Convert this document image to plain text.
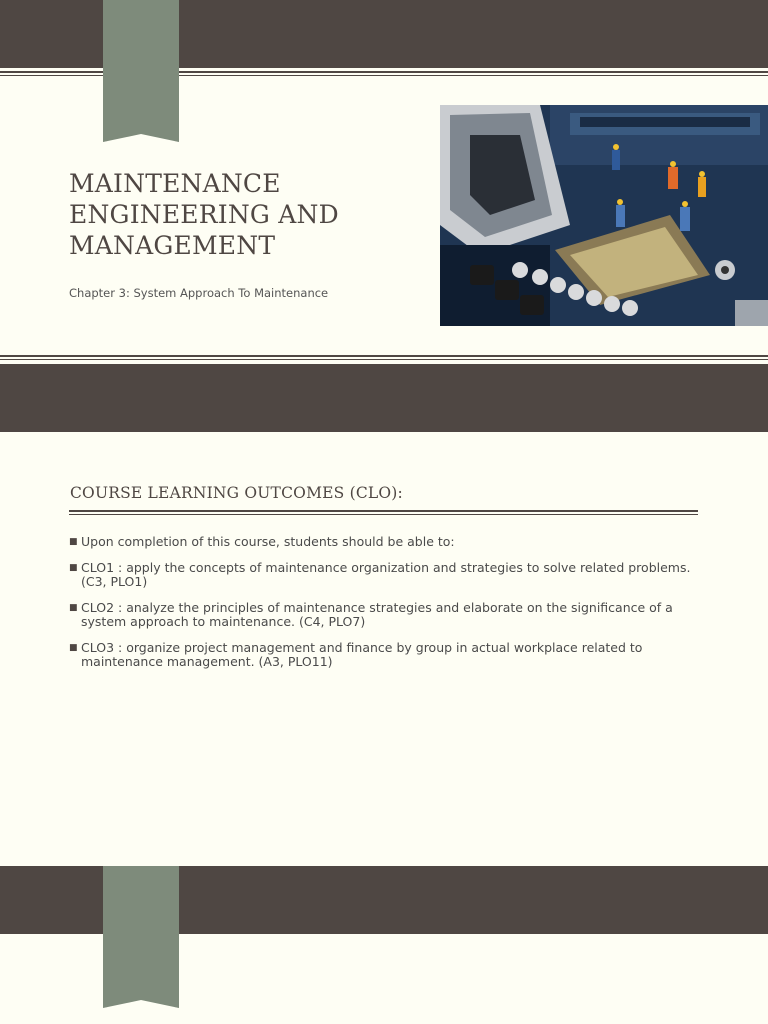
MAINTENANCE
ENGINEERING AND
MANAGEMENT
Chapter 3: System Approach To Maintenance
COURSE LEARNING OUTCOMES (CLO):
■ Upon completion of this course, students should be able to:
■ CLO1 : apply the concepts of maintenance organization and strategies to solve related problems. (C3, PLO1)
■ CLO2 : analyze the principles of maintenance strategies and elaborate on the significance of a system approach to maintenance. (C4, PLO7)
■ CLO3 : organize project management and finance by group in actual workplace related to maintenance management. (A3, PLO11)
